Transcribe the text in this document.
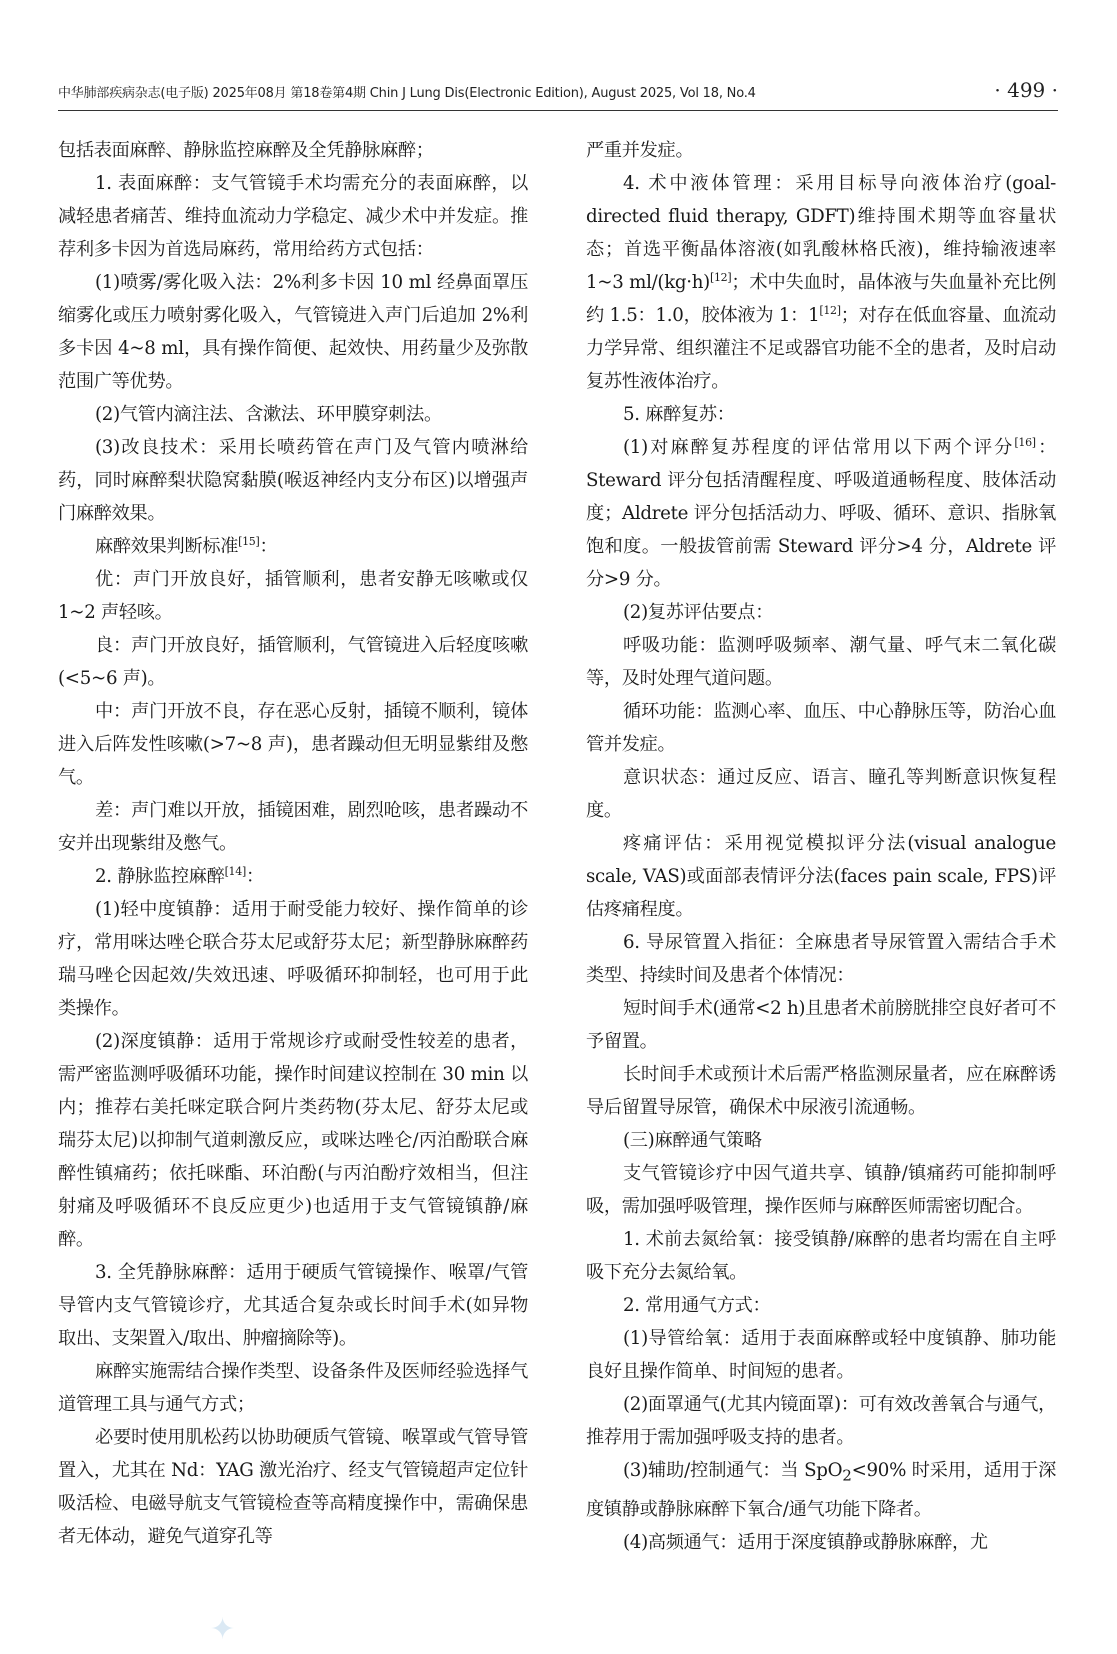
中华肺部疾病杂志(电子版) 2025年08月 第18卷第4期 Chin J Lung Dis(Electronic Edition), August 2025, Vol 18, No.4	· 499 ·

包括表面麻醉、静脉监控麻醉及全凭静脉麻醉；

1. 表面麻醉：支气管镜手术均需充分的表面麻醉，以减轻患者痛苦、维持血流动力学稳定、减少术中并发症。推荐利多卡因为首选局麻药，常用给药方式包括：

(1)喷雾/雾化吸入法：2%利多卡因 10 ml 经鼻面罩压缩雾化或压力喷射雾化吸入，气管镜进入声门后追加 2%利多卡因 4~8 ml，具有操作简便、起效快、用药量少及弥散范围广等优势。

(2)气管内滴注法、含漱法、环甲膜穿刺法。

(3)改良技术：采用长喷药管在声门及气管内喷淋给药，同时麻醉梨状隐窝黏膜(喉返神经内支分布区)以增强声门麻醉效果。

麻醉效果判断标准[15]：

优：声门开放良好，插管顺利，患者安静无咳嗽或仅 1~2 声轻咳。

良：声门开放良好，插管顺利，气管镜进入后轻度咳嗽(<5~6 声)。

中：声门开放不良，存在恶心反射，插镜不顺利，镜体进入后阵发性咳嗽(>7~8 声)，患者躁动但无明显紫绀及憋气。

差：声门难以开放，插镜困难，剧烈呛咳，患者躁动不安并出现紫绀及憋气。

2. 静脉监控麻醉[14]：

(1)轻中度镇静：适用于耐受能力较好、操作简单的诊疗，常用咪达唑仑联合芬太尼或舒芬太尼；新型静脉麻醉药瑞马唑仑因起效/失效迅速、呼吸循环抑制轻，也可用于此类操作。

(2)深度镇静：适用于常规诊疗或耐受性较差的患者，需严密监测呼吸循环功能，操作时间建议控制在 30 min 以内；推荐右美托咪定联合阿片类药物(芬太尼、舒芬太尼或瑞芬太尼)以抑制气道刺激反应，或咪达唑仑/丙泊酚联合麻醉性镇痛药；依托咪酯、环泊酚(与丙泊酚疗效相当，但注射痛及呼吸循环不良反应更少)也适用于支气管镜镇静/麻醉。

3. 全凭静脉麻醉：适用于硬质气管镜操作、喉罩/气管导管内支气管镜诊疗，尤其适合复杂或长时间手术(如异物取出、支架置入/取出、肿瘤摘除等)。

麻醉实施需结合操作类型、设备条件及医师经验选择气道管理工具与通气方式；

必要时使用肌松药以协助硬质气管镜、喉罩或气管导管置入，尤其在 Nd：YAG 激光治疗、经支气管镜超声定位针吸活检、电磁导航支气管镜检查等高精度操作中，需确保患者无体动，避免气道穿孔等

严重并发症。

4. 术中液体管理：采用目标导向液体治疗(goal-directed fluid therapy, GDFT)维持围术期等血容量状态；首选平衡晶体溶液(如乳酸林格氏液)，维持输液速率 1~3 ml/(kg·h)[12]；术中失血时，晶体液与失血量补充比例约 1.5：1.0，胶体液为 1：1[12]；对存在低血容量、血流动力学异常、组织灌注不足或器官功能不全的患者，及时启动复苏性液体治疗。

5. 麻醉复苏：

(1)对麻醉复苏程度的评估常用以下两个评分[16]：Steward 评分包括清醒程度、呼吸道通畅程度、肢体活动度；Aldrete 评分包括活动力、呼吸、循环、意识、指脉氧饱和度。一般拔管前需 Steward 评分>4 分，Aldrete 评分>9 分。

(2)复苏评估要点：

呼吸功能：监测呼吸频率、潮气量、呼气末二氧化碳等，及时处理气道问题。

循环功能：监测心率、血压、中心静脉压等，防治心血管并发症。

意识状态：通过反应、语言、瞳孔等判断意识恢复程度。

疼痛评估：采用视觉模拟评分法(visual analogue scale, VAS)或面部表情评分法(faces pain scale, FPS)评估疼痛程度。

6. 导尿管置入指征：全麻患者导尿管置入需结合手术类型、持续时间及患者个体情况：

短时间手术(通常<2 h)且患者术前膀胱排空良好者可不予留置。

长时间手术或预计术后需严格监测尿量者，应在麻醉诱导后留置导尿管，确保术中尿液引流通畅。

(三)麻醉通气策略

支气管镜诊疗中因气道共享、镇静/镇痛药可能抑制呼吸，需加强呼吸管理，操作医师与麻醉医师需密切配合。

1. 术前去氮给氧：接受镇静/麻醉的患者均需在自主呼吸下充分去氮给氧。

2. 常用通气方式：

(1)导管给氧：适用于表面麻醉或轻中度镇静、肺功能良好且操作简单、时间短的患者。

(2)面罩通气(尤其内镜面罩)：可有效改善氧合与通气，推荐用于需加强呼吸支持的患者。

(3)辅助/控制通气：当 SpO$_2$<90% 时采用，适用于深度镇静或静脉麻醉下氧合/通气功能下降者。

(4)高频通气：适用于深度镇静或静脉麻醉，尤

✦
